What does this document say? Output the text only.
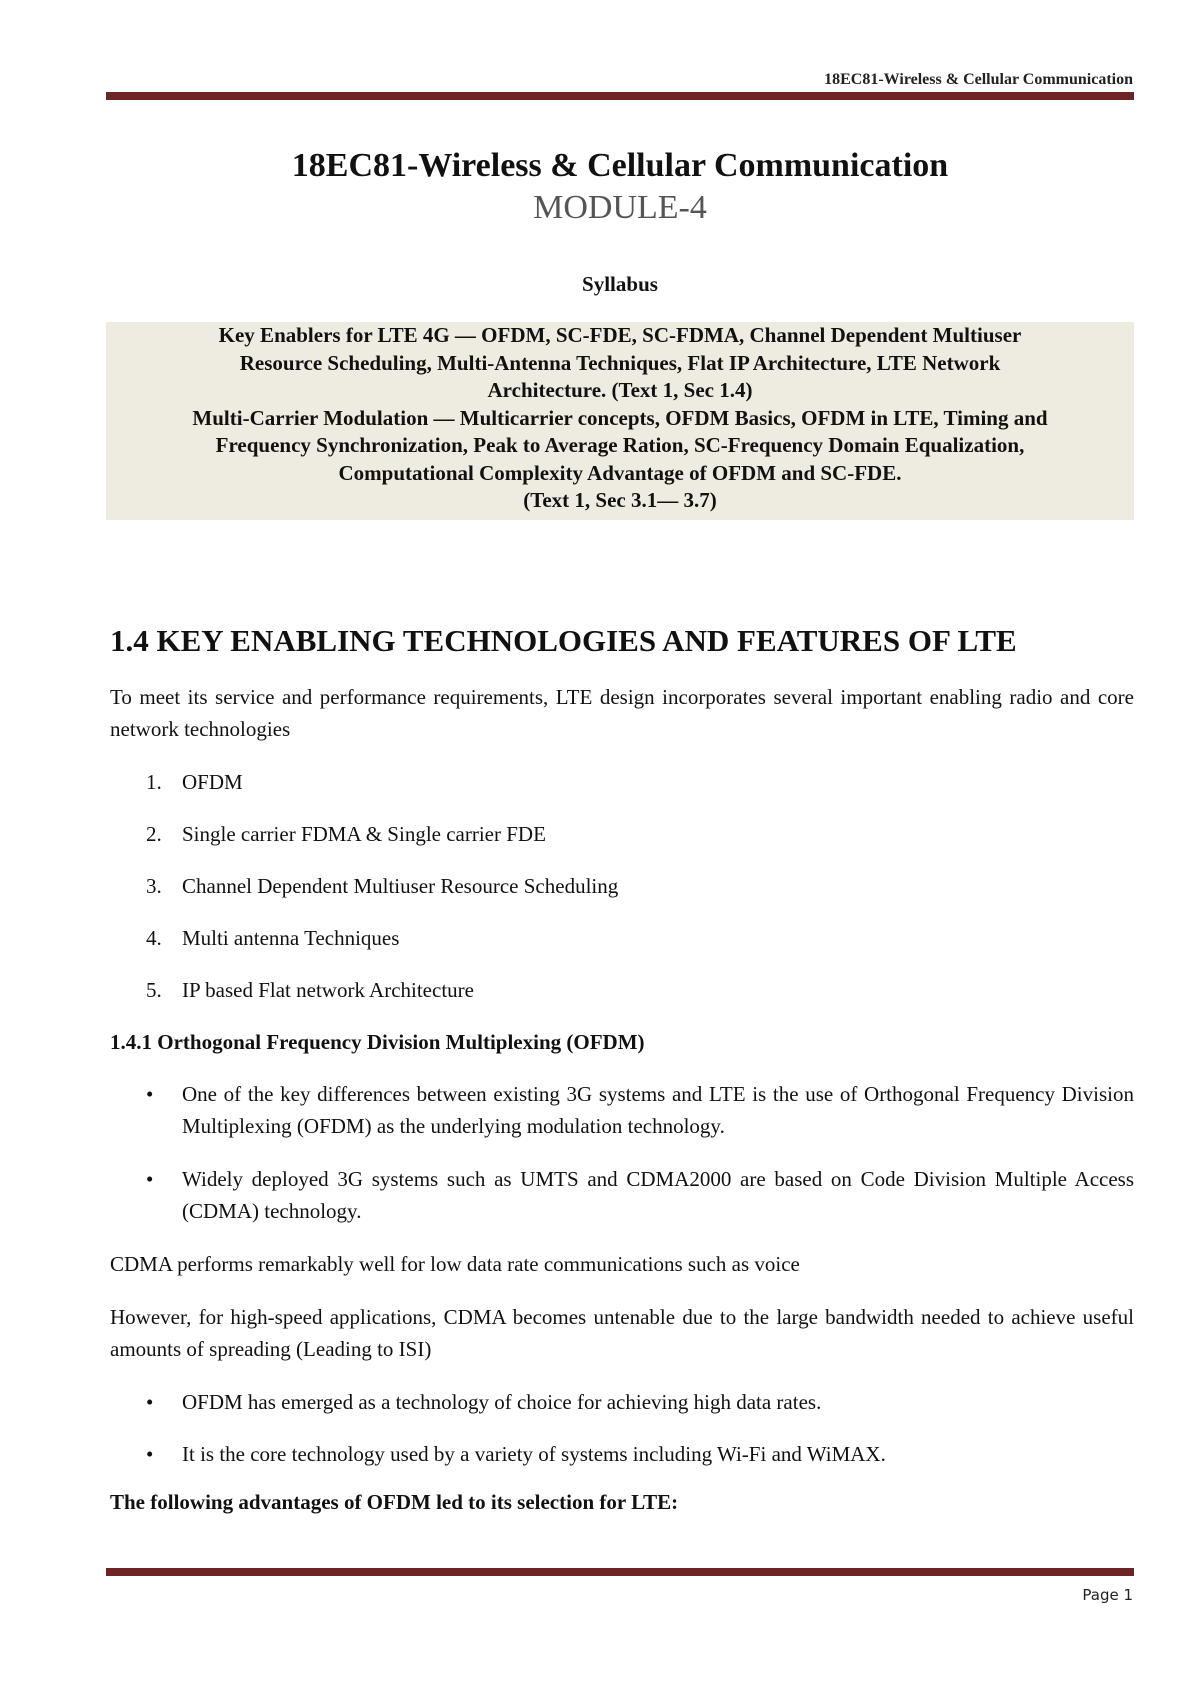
18EC81-Wireless & Cellular Communication
18EC81-Wireless & Cellular Communication
MODULE-4
Syllabus
Key Enablers for LTE 4G — OFDM, SC-FDE, SC-FDMA, Channel Dependent Multiuser
Resource Scheduling, Multi-Antenna Techniques, Flat IP Architecture, LTE Network
Architecture. (Text 1, Sec 1.4)
Multi-Carrier Modulation — Multicarrier concepts, OFDM Basics, OFDM in LTE, Timing and
Frequency Synchronization, Peak to Average Ration, SC-Frequency Domain Equalization,
Computational Complexity Advantage of OFDM and SC-FDE.
(Text 1, Sec 3.1— 3.7)
1.4 KEY ENABLING TECHNOLOGIES AND FEATURES OF LTE
To meet its service and performance requirements, LTE design incorporates several important enabling radio and core network technologies
1. OFDM
2. Single carrier FDMA & Single carrier FDE
3. Channel Dependent Multiuser Resource Scheduling
4. Multi antenna Techniques
5. IP based Flat network Architecture
1.4.1 Orthogonal Frequency Division Multiplexing (OFDM)
•	One of the key differences between existing 3G systems and LTE is the use of Orthogonal Frequency Division Multiplexing (OFDM) as the underlying modulation technology.
•	Widely deployed 3G systems such as UMTS and CDMA2000 are based on Code Division Multiple Access (CDMA) technology.
CDMA performs remarkably well for low data rate communications such as voice
However, for high-speed applications, CDMA becomes untenable due to the large bandwidth needed to achieve useful amounts of spreading (Leading to ISI)
•	OFDM has emerged as a technology of choice for achieving high data rates.
•	It is the core technology used by a variety of systems including Wi-Fi and WiMAX.
The following advantages of OFDM led to its selection for LTE:
Page 1
